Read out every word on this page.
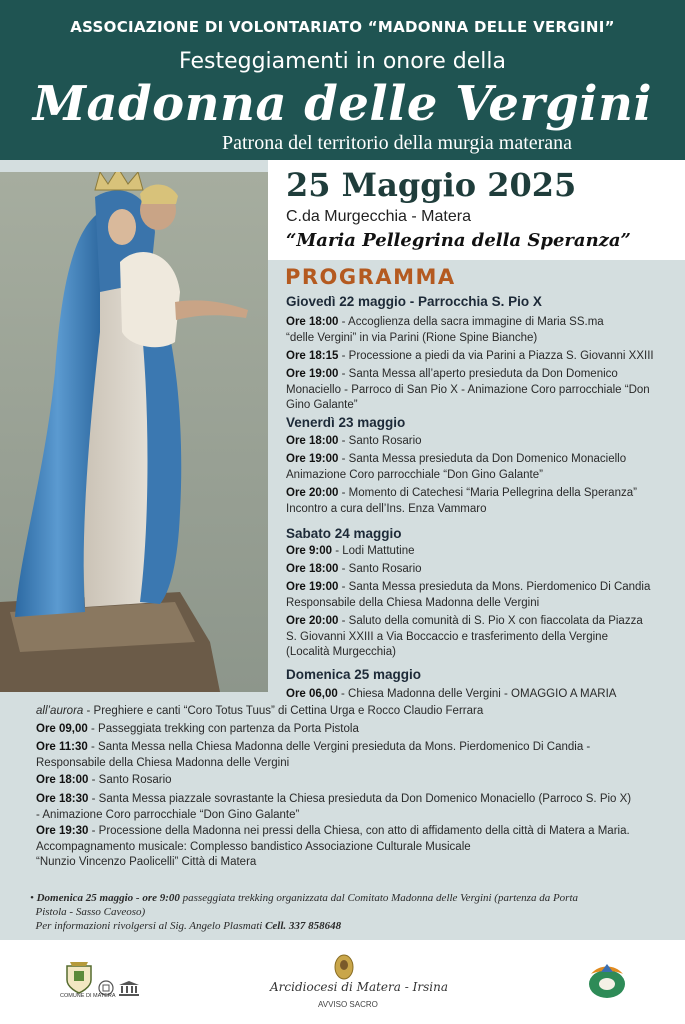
ASSOCIAZIONE DI VOLONTARIATO “MADONNA DELLE VERGINI”
Festeggiamenti in onore della
Madonna delle Vergini
Patrona del territorio della murgia materana
25 Maggio 2025
C.da Murgecchia - Matera
“Maria Pellegrina della Speranza”
PROGRAMMA
Giovedì 22 maggio - Parrocchia S. Pio X
Ore 18:00 - Accoglienza della sacra immagine di Maria SS.ma
“delle Vergini” in via Parini (Rione Spine Bianche)
Ore 18:15 - Processione a piedi da via Parini a Piazza S. Giovanni XXIII
Ore 19:00 - Santa Messa all’aperto presieduta da Don Domenico
Monaciello - Parroco di San Pio X - Animazione Coro parrocchiale “Don
Gino Galante”
Venerdì 23 maggio
Ore 18:00 - Santo Rosario
Ore 19:00 - Santa Messa presieduta da Don Domenico Monaciello
Animazione Coro parrocchiale “Don Gino Galante”
Ore 20:00 - Momento di Catechesi “Maria Pellegrina della Speranza”
Incontro a cura dell’Ins. Enza Vammaro
Sabato 24 maggio
Ore 9:00 - Lodi Mattutine
Ore 18:00 - Santo Rosario
Ore 19:00 - Santa Messa presieduta da Mons. Pierdomenico Di Candia
Responsabile della Chiesa Madonna delle Vergini
Ore 20:00 - Saluto della comunità di S. Pio X con fiaccolata da Piazza
S. Giovanni XXIII a Via Boccaccio e trasferimento della Vergine
(Località Murgecchia)
Domenica 25 maggio
Ore 06,00 - Chiesa Madonna delle Vergini - OMAGGIO A MARIA
all’aurora - Preghiere e canti “Coro Totus Tuus” di Cettina Urga e Rocco Claudio Ferrara
Ore 09,00 - Passeggiata trekking con partenza da Porta Pistola
Ore 11:30 - Santa Messa nella Chiesa Madonna delle Vergini presieduta da Mons. Pierdomenico Di Candia -
Responsabile della Chiesa Madonna delle Vergini
Ore 18:00 - Santo Rosario
Ore 18:30 - Santa Messa piazzale sovrastante la Chiesa presieduta da Don Domenico Monaciello (Parroco S. Pio X)
- Animazione Coro parrocchiale “Don Gino Galante”
Ore 19:30 - Processione della Madonna nei pressi della Chiesa, con atto di affidamento della città di Matera a Maria.
Accompagnamento musicale: Complesso bandistico Associazione Culturale Musicale
“Nunzio Vincenzo Paolicelli” Città di Matera
• Domenica 25 maggio - ore 9:00 passeggiata trekking organizzata dal Comitato Madonna delle Vergini (partenza da Porta
Pistola - Sasso Caveoso)
Per informazioni rivolgersi al Sig. Angelo Plasmati Cell. 337 858648
COMUNE DI MATERA
Arcidiocesi di Matera - Irsina
AVVISO SACRO
